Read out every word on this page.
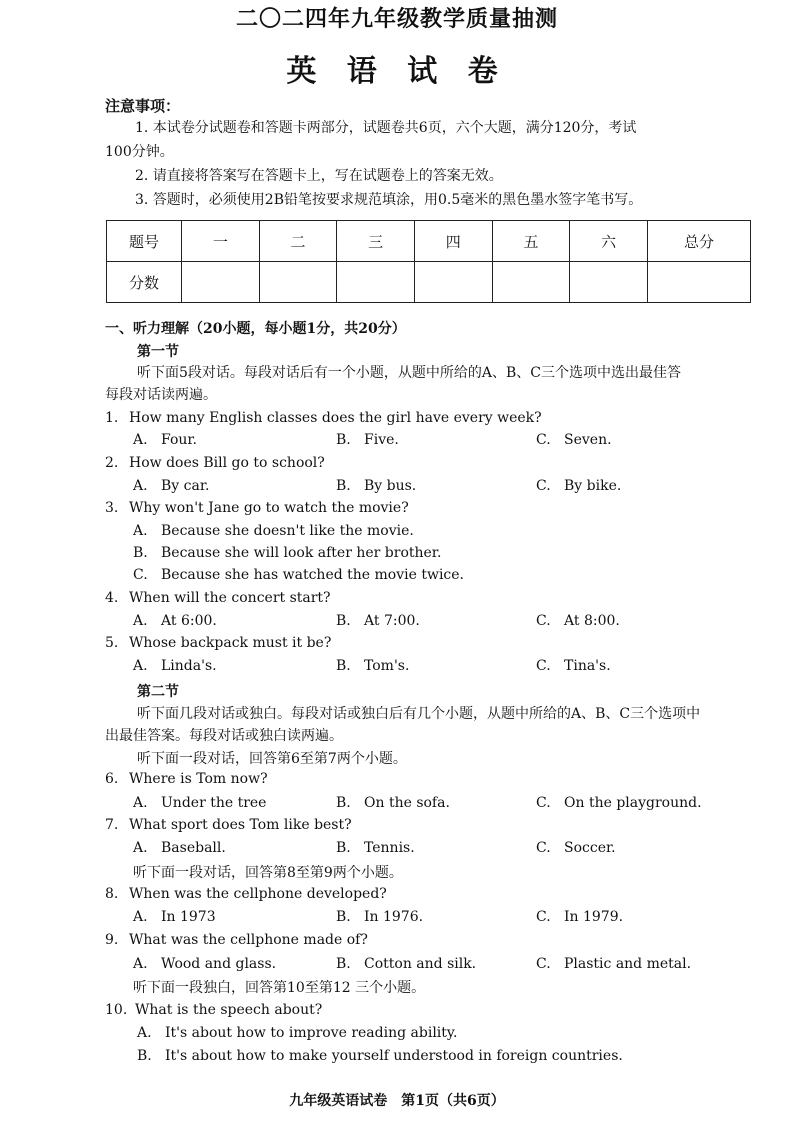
二〇二四年九年级教学质量抽测
英 语 试 卷
注意事项：
1. 本试卷分试题卷和答题卡两部分，试题卷共6页，六个大题，满分120分，考试
100分钟。
2. 请直接将答案写在答题卡上，写在试题卷上的答案无效。
3. 答题时，必须使用2B铅笔按要求规范填涂，用0.5毫米的黑色墨水签字笔书写。
题号	一	二	三	四	五	六	总分
分数							
一、听力理解（20小题，每小题1分，共20分）
第一节
听下面5段对话。每段对话后有一个小题，从题中所给的A、B、C三个选项中选出最佳答
每段对话读两遍。
1. How many English classes does the girl have every week?
A. Four.	B. Five.	C. Seven.
2. How does Bill go to school?
A. By car.	B. By bus.	C. By bike.
3. Why won't Jane go to watch the movie?
A. Because she doesn't like the movie.
B. Because she will look after her brother.
C. Because she has watched the movie twice.
4. When will the concert start?
A. At 6:00.	B. At 7:00.	C. At 8:00.
5. Whose backpack must it be?
A. Linda's.	B. Tom's.	C. Tina's.
第二节
听下面几段对话或独白。每段对话或独白后有几个小题，从题中所给的A、B、C三个选项中
出最佳答案。每段对话或独白读两遍。
听下面一段对话，回答第6至第7两个小题。
6. Where is Tom now?
A. Under the tree	B. On the sofa.	C. On the playground.
7. What sport does Tom like best?
A. Baseball.	B. Tennis.	C. Soccer.
听下面一段对话，回答第8至第9两个小题。
8. When was the cellphone developed?
A. In 1973	B. In 1976.	C. In 1979.
9. What was the cellphone made of?
A. Wood and glass.	B. Cotton and silk.	C. Plastic and metal.
听下面一段独白，回答第10至第12 三个小题。
10. What is the speech about?
A. It's about how to improve reading ability.
B. It's about how to make yourself understood in foreign countries.
九年级英语试卷　第1页（共6页）
